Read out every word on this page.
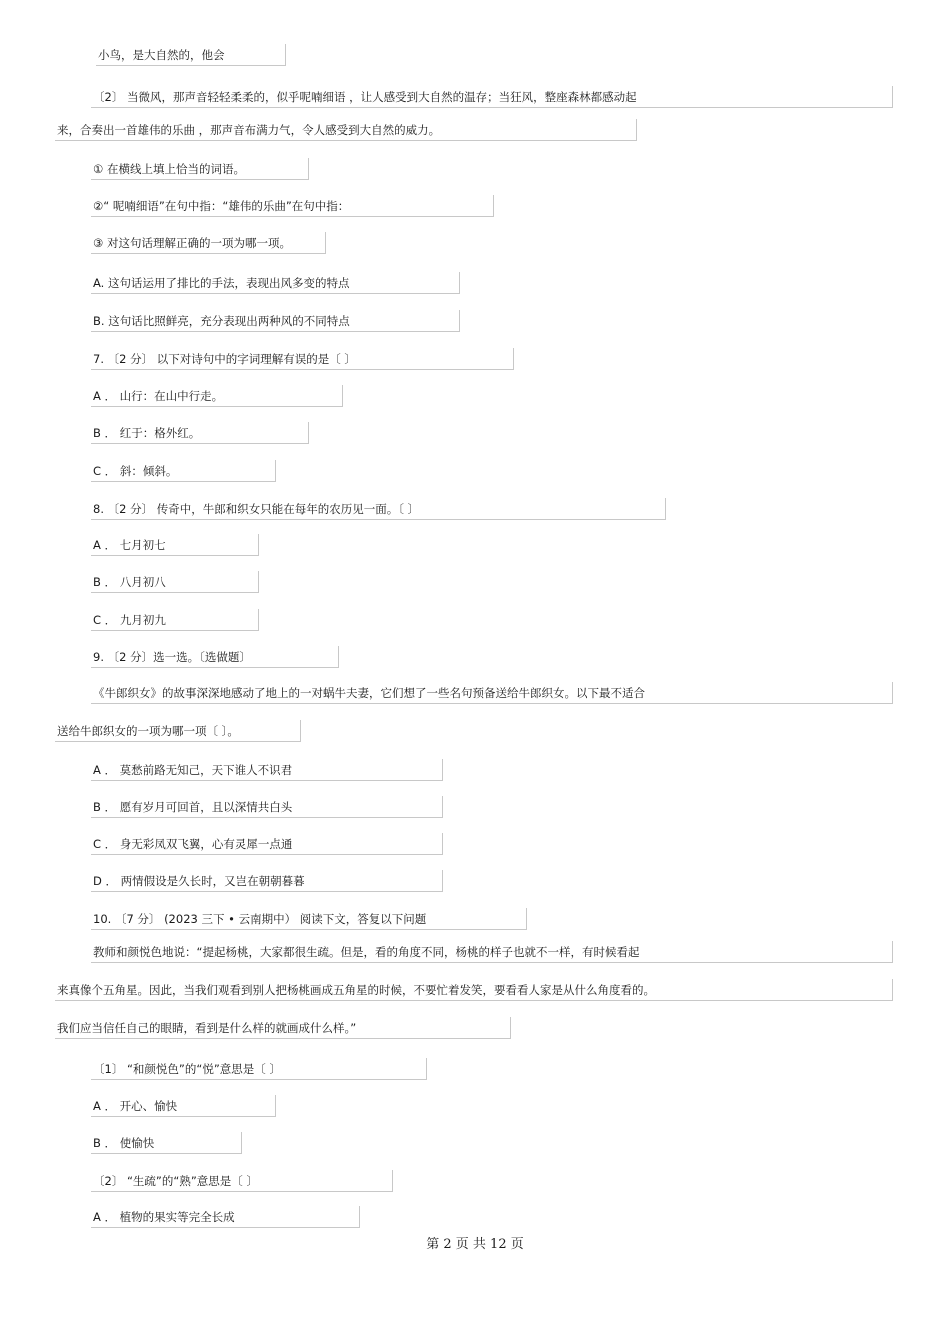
小鸟，是大自然的，他会
〔2〕 当微风，那声音轻轻柔柔的，似乎呢喃细语 ，让人感受到大自然的温存；当狂风，整座森林都感动起
来，合奏出一首雄伟的乐曲 ，那声音布满力气，令人感受到大自然的威力。
① 在横线上填上恰当的词语。
②“ 呢喃细语”在句中指：“雄伟的乐曲”在句中指：
③ 对这句话理解正确的一项为哪一项。
A. 这句话运用了排比的手法，表现出风多变的特点
B. 这句话比照鲜亮，充分表现出两种风的不同特点
7. 〔2 分〕 以下对诗句中的字词理解有误的是〔 〕
A ． 山行：在山中行走。
B ． 红于：格外红。
C ． 斜：倾斜。
8. 〔2 分〕 传奇中，牛郎和织女只能在每年的农历见一面。〔 〕
A ． 七月初七
B ． 八月初八
C ． 九月初九
9. 〔2 分〕选一选。〔选做题〕
《牛郎织女》的故事深深地感动了地上的一对蜗牛夫妻，它们想了一些名句预备送给牛郎织女。以下最不适合
送给牛郎织女的一项为哪一项〔 〕。
A ． 莫愁前路无知己，天下谁人不识君
B ． 愿有岁月可回首，且以深情共白头
C ． 身无彩凤双飞翼，心有灵犀一点通
D ． 两情假设是久长时，又岂在朝朝暮暮
10. 〔7 分〕 (2023 三下 • 云南期中） 阅读下文，答复以下问题
教师和颜悦色地说：“提起杨桃，大家都很生疏。但是，看的角度不同，杨桃的样子也就不一样，有时候看起
来真像个五角星。因此，当我们观看到别人把杨桃画成五角星的时候，不要忙着发笑，要看看人家是从什么角度看的。
我们应当信任自己的眼睛，看到是什么样的就画成什么样。”
〔1〕 “和颜悦色”的“悦”意思是〔 〕
A ． 开心、愉快
B ． 使愉快
〔2〕 “生疏”的“熟”意思是〔 〕
A ． 植物的果实等完全长成
第 2 页 共 12 页
